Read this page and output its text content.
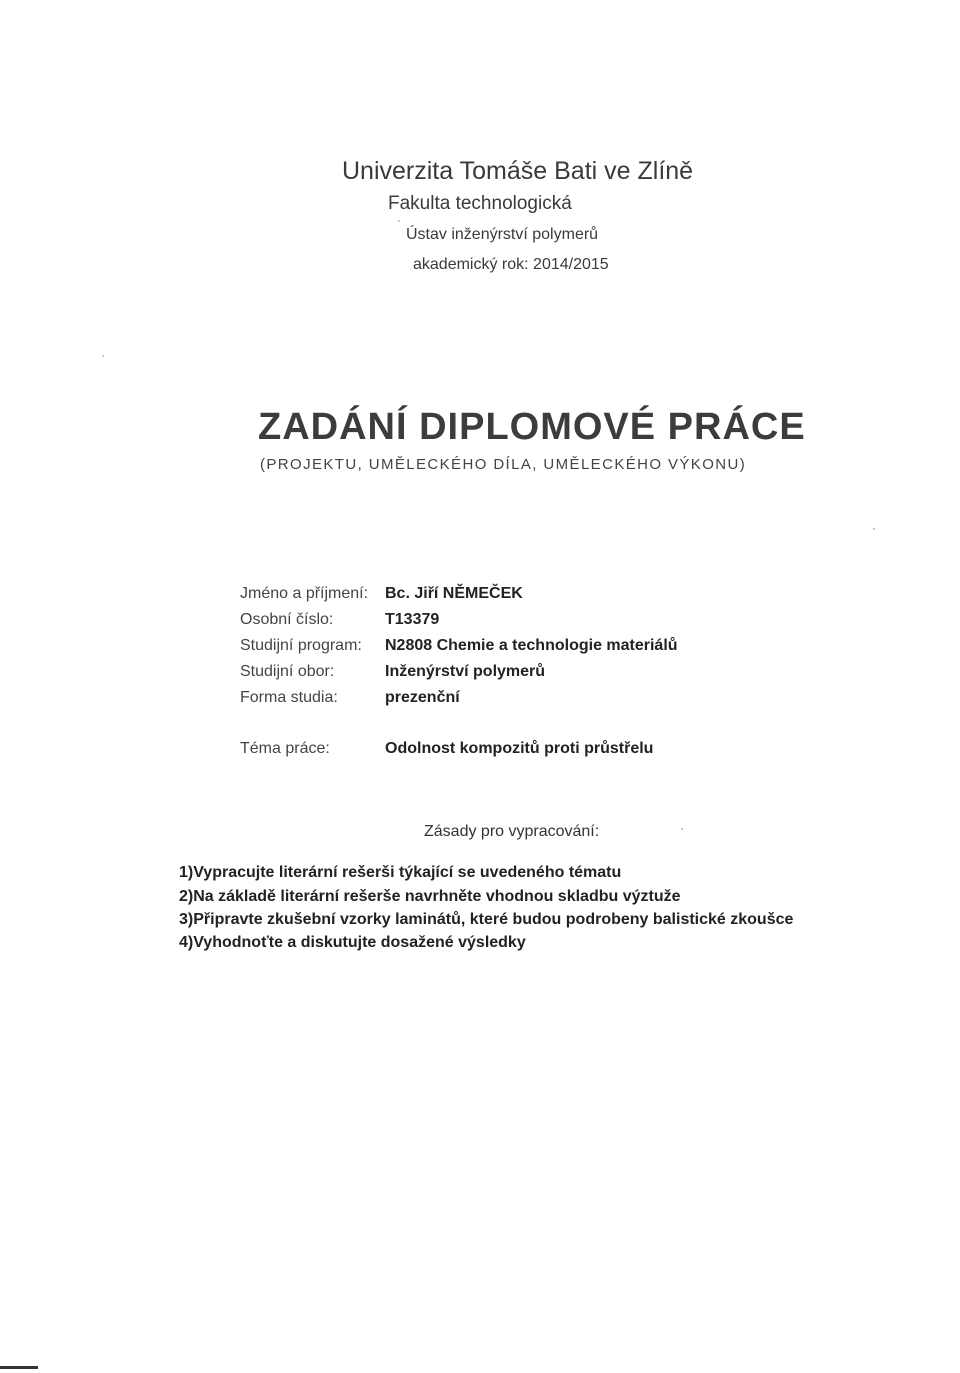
Univerzita Tomáše Bati ve Zlíně
Fakulta technologická
Ústav inženýrství polymerů
akademický rok: 2014/2015
ZADÁNÍ DIPLOMOVÉ PRÁCE
(PROJEKTU, UMĚLECKÉHO DÍLA, UMĚLECKÉHO VÝKONU)
Jméno a příjmení: Bc. Jiří NĚMEČEK
Osobní číslo:	T13379
Studijní program: N2808 Chemie a technologie materiálů
Studijní obor:	Inženýrství polymerů
Forma studia:	prezenční
Téma práce:	Odolnost kompozitů proti průstřelu
Zásady pro vypracování:
1)Vypracujte literární rešerši týkající se uvedeného tématu
2)Na základě literární rešerše navrhněte vhodnou skladbu výztuže
3)Připravte zkušební vzorky laminátů, které budou podrobeny balistické zkoušce
4)Vyhodnoťte a diskutujte dosažené výsledky
